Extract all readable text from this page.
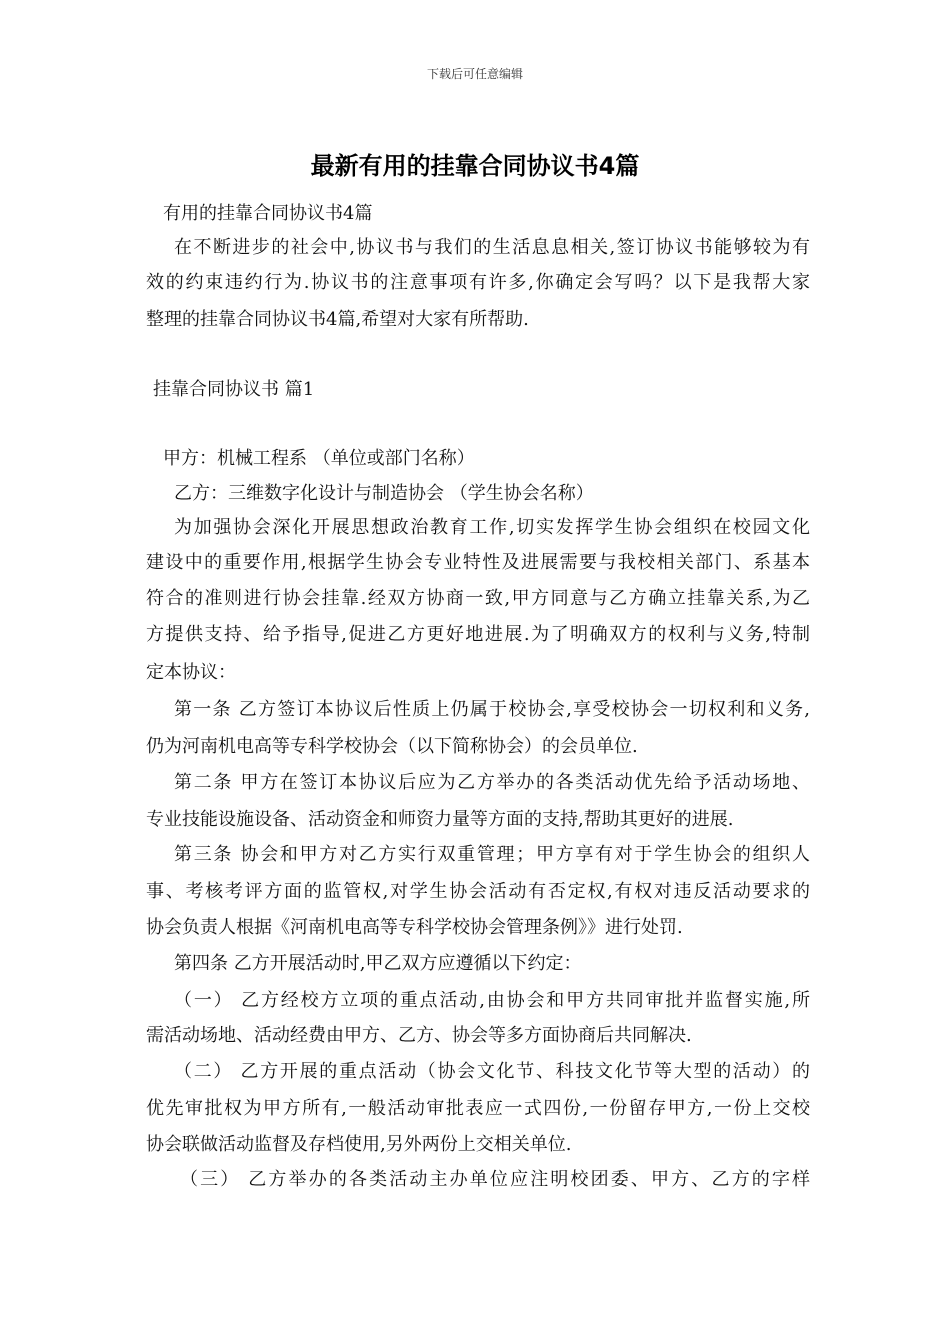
下载后可任意编辑
最新有用的挂靠合同协议书4篇
有用的挂靠合同协议书4篇
在不断进步的社会中,协议书与我们的生活息息相关,签订协议书能够较为有
效的约束违约行为.协议书的注意事项有许多,你确定会写吗？以下是我帮大家
整理的挂靠合同协议书4篇,希望对大家有所帮助.
挂靠合同协议书 篇1
甲方：机械工程系 （单位或部门名称）
乙方：三维数字化设计与制造协会 （学生协会名称）
为加强协会深化开展思想政治教育工作,切实发挥学生协会组织在校园文化
建设中的重要作用,根据学生协会专业特性及进展需要与我校相关部门、系基本
符合的准则进行协会挂靠.经双方协商一致,甲方同意与乙方确立挂靠关系,为乙
方提供支持、给予指导,促进乙方更好地进展.为了明确双方的权利与义务,特制
定本协议：
第一条 乙方签订本协议后性质上仍属于校协会,享受校协会一切权利和义务,
仍为河南机电高等专科学校协会（以下简称协会）的会员单位.
第二条 甲方在签订本协议后应为乙方举办的各类活动优先给予活动场地、
专业技能设施设备、活动资金和师资力量等方面的支持,帮助其更好的进展.
第三条 协会和甲方对乙方实行双重管理；甲方享有对于学生协会的组织人
事、考核考评方面的监管权,对学生协会活动有否定权,有权对违反活动要求的
协会负责人根据《河南机电高等专科学校协会管理条例》》进行处罚.
第四条 乙方开展活动时,甲乙双方应遵循以下约定：
（一） 乙方经校方立项的重点活动,由协会和甲方共同审批并监督实施,所
需活动场地、活动经费由甲方、乙方、协会等多方面协商后共同解决.
（二） 乙方开展的重点活动（协会文化节、科技文化节等大型的活动）的
优先审批权为甲方所有,一般活动审批表应一式四份,一份留存甲方,一份上交校
协会联做活动监督及存档使用,另外两份上交相关单位.
（三） 乙方举办的各类活动主办单位应注明校团委、甲方、乙方的字样
